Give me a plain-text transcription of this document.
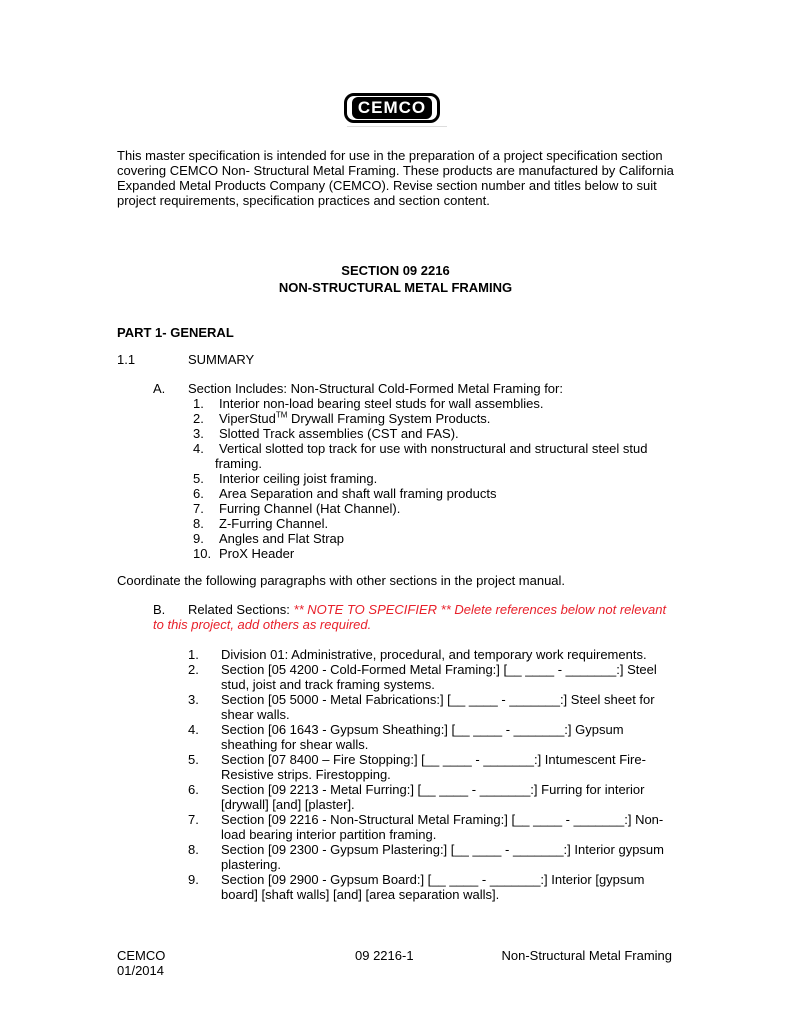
CEMCO
This master specification is intended for use in the preparation of a project specification section covering CEMCO Non- Structural Metal Framing. These products are manufactured by California Expanded Metal Products Company (CEMCO). Revise section number and titles below to suit project requirements, specification practices and section content.
SECTION 09 2216
NON-STRUCTURAL METAL FRAMING
PART 1- GENERAL
1.1	SUMMARY
A. Section Includes: Non-Structural Cold-Formed Metal Framing for:
1.	Interior non-load bearing steel studs for wall assemblies.
2.	ViperStud™ Drywall Framing System Products.
3.	Slotted Track assemblies (CST and FAS).
4.	Vertical slotted top track for use with nonstructural and structural steel stud
framing.
5.	Interior ceiling joist framing.
6.	Area Separation and shaft wall framing products
7.	Furring Channel (Hat Channel).
8.	Z-Furring Channel.
9.	Angles and Flat Strap
10. ProX Header
Coordinate the following paragraphs with other sections in the project manual.
B. Related Sections: ** NOTE TO SPECIFIER ** Delete references below not relevant
to this project, add others as required.
1.	Division 01: Administrative, procedural, and temporary work requirements.
2.	Section [05 4200 - Cold-Formed Metal Framing:] [__ ____ - _______:] Steel
stud, joist and track framing systems.
3.	Section [05 5000 - Metal Fabrications:] [__ ____ - _______:] Steel sheet for
shear walls.
4.	Section [06 1643 - Gypsum Sheathing:] [__ ____ - _______:] Gypsum
sheathing for shear walls.
5.	Section [07 8400 – Fire Stopping:] [__ ____ - _______:] Intumescent Fire-
Resistive strips. Firestopping.
6.	Section [09 2213 - Metal Furring:] [__ ____ - _______:] Furring for interior
[drywall] [and] [plaster].
7.	Section [09 2216 - Non-Structural Metal Framing:] [__ ____ - _______:] Non-
load bearing interior partition framing.
8.	Section [09 2300 - Gypsum Plastering:] [__ ____ - _______:] Interior gypsum
plastering.
9.	Section [09 2900 - Gypsum Board:] [__ ____ - _______:] Interior [gypsum
board] [shaft walls] [and] [area separation walls].
CEMCO
01/2014
09 2216-1	Non-Structural Metal Framing
